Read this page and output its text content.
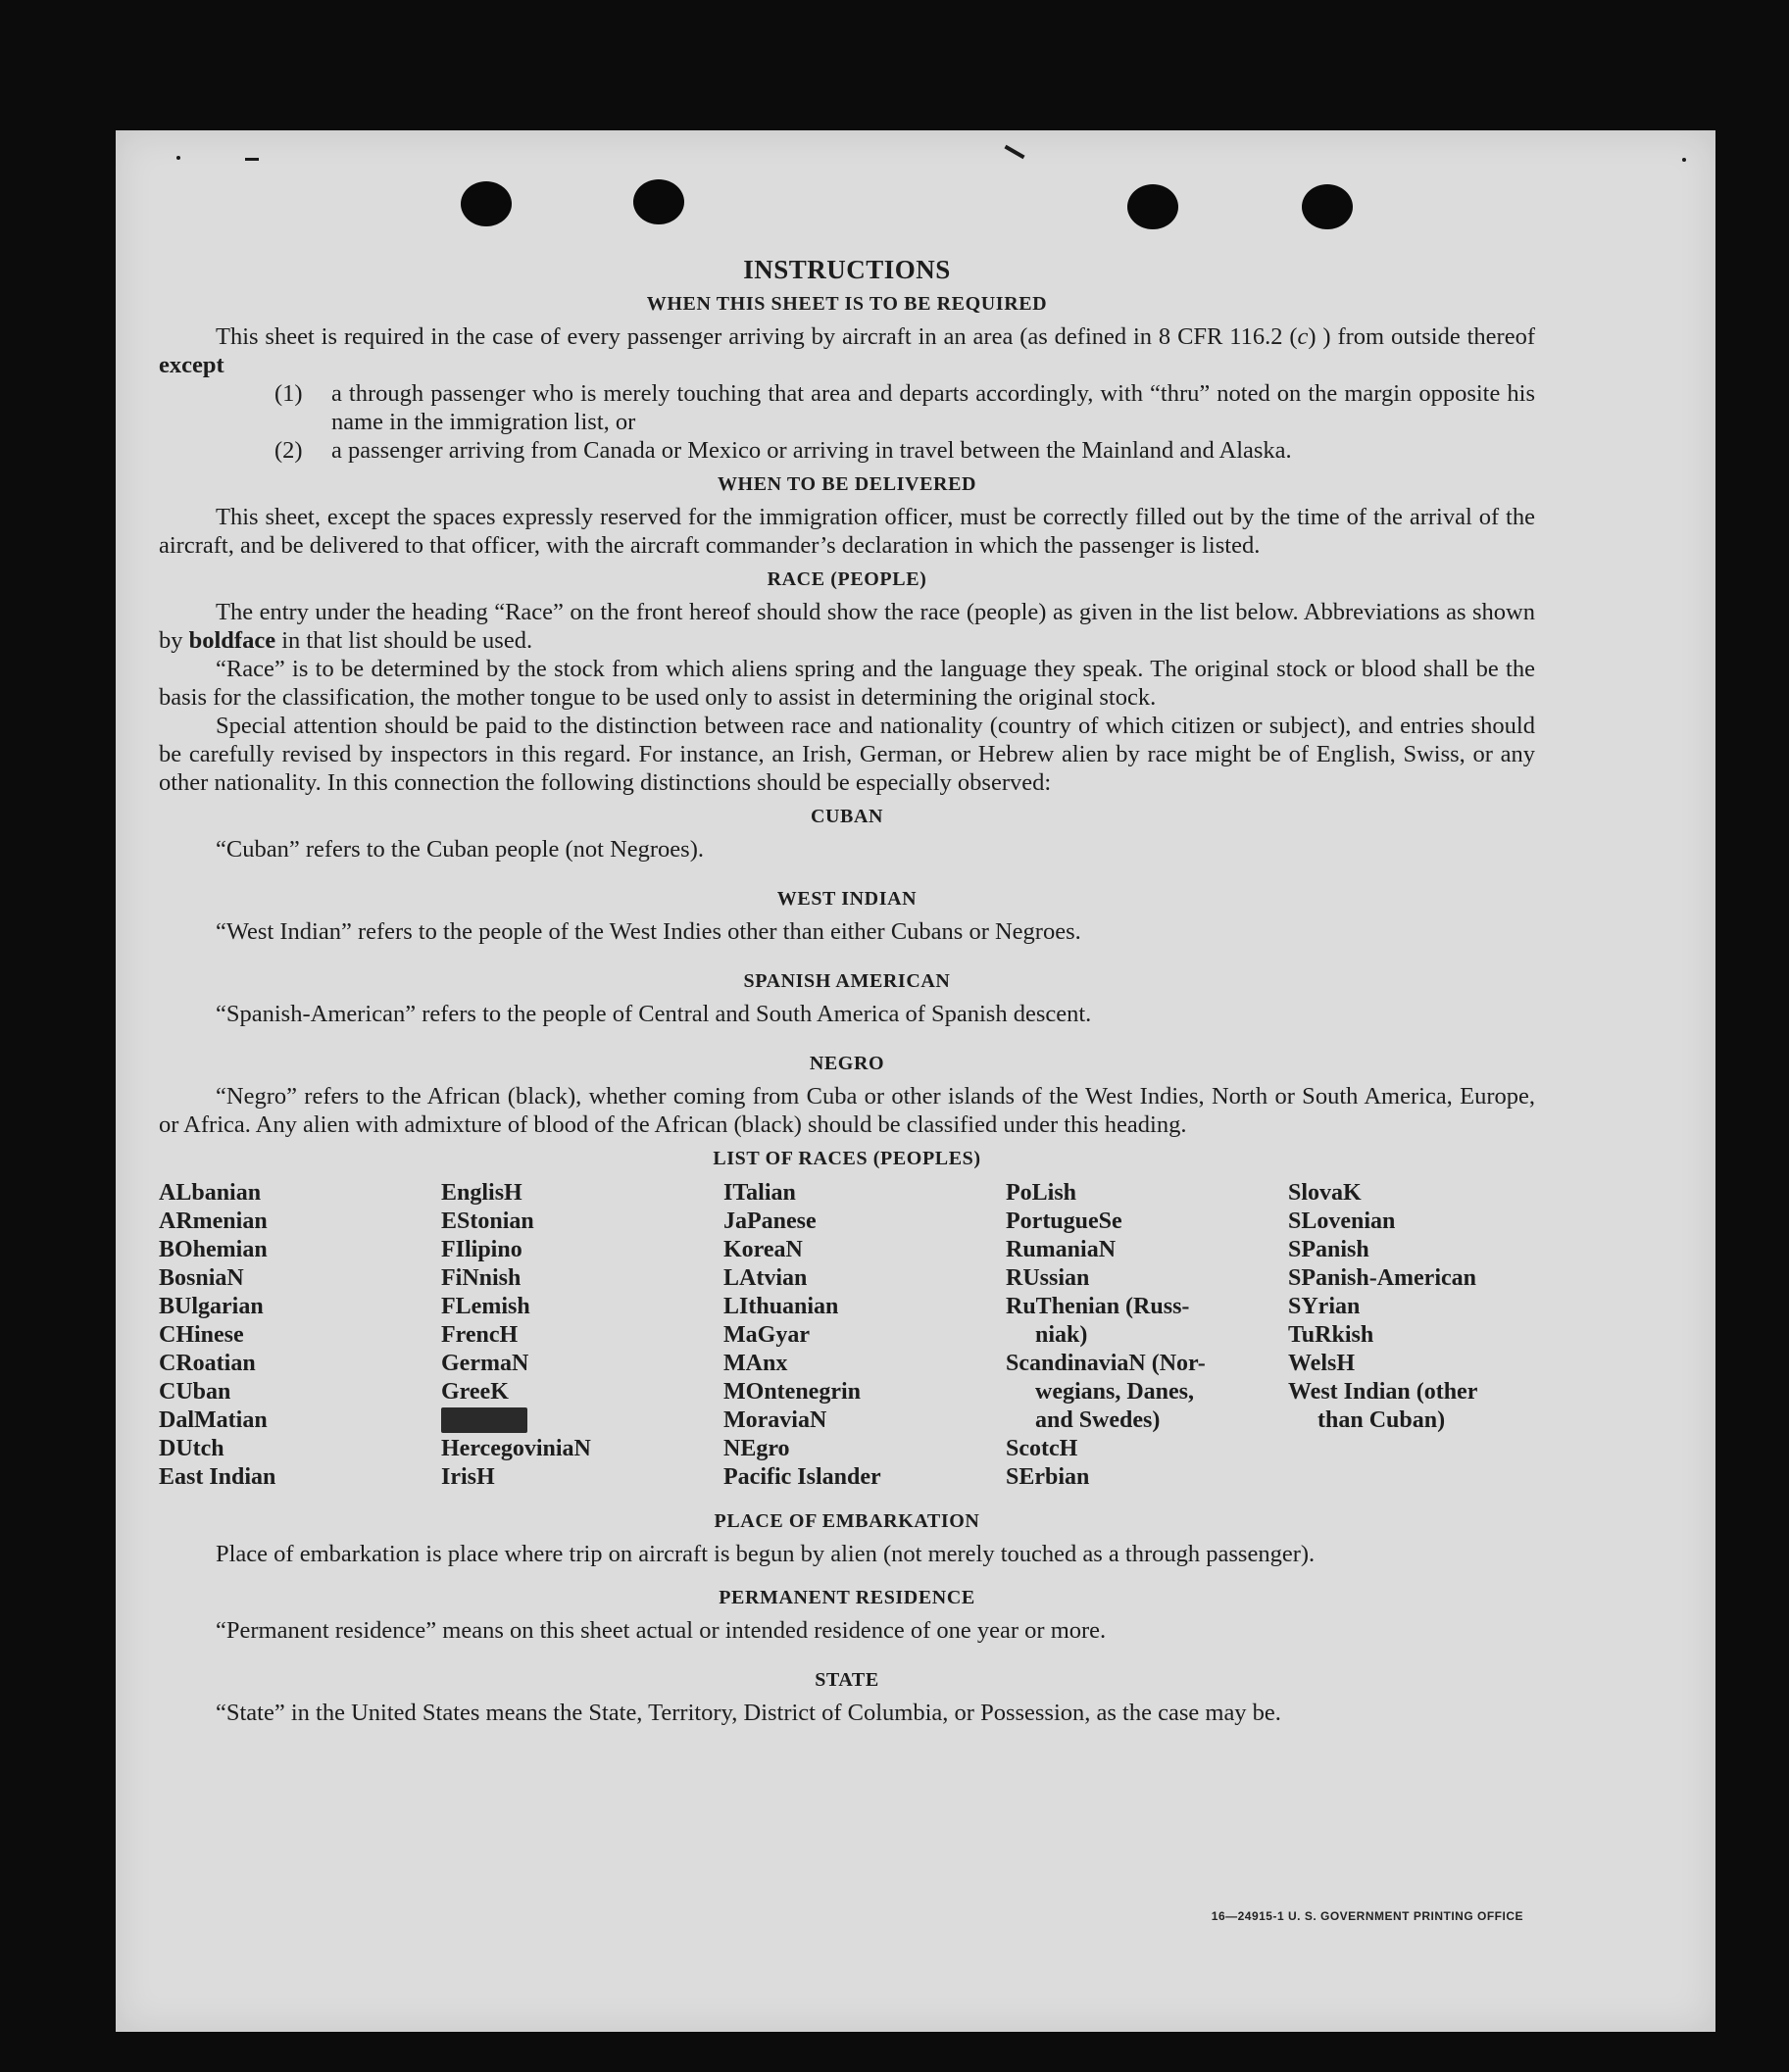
INSTRUCTIONS
WHEN THIS SHEET IS TO BE REQUIRED

This sheet is required in the case of every passenger arriving by aircraft in an area (as defined in 8 CFR 116.2 (c) ) from outside thereof except

(1)	a through passenger who is merely touching that area and departs accordingly, with “thru” noted on the margin opposite his name in the immigration list, or
(2)	a passenger arriving from Canada or Mexico or arriving in travel between the Mainland and Alaska.
WHEN TO BE DELIVERED

This sheet, except the spaces expressly reserved for the immigration officer, must be correctly filled out by the time of the arrival of the aircraft, and be delivered to that officer, with the aircraft commander’s declaration in which the passenger is listed.

RACE (PEOPLE)

The entry under the heading “Race” on the front hereof should show the race (people) as given in the list below. Abbreviations as shown by boldface in that list should be used.

“Race” is to be determined by the stock from which aliens spring and the language they speak. The original stock or blood shall be the basis for the classification, the mother tongue to be used only to assist in determining the original stock.

Special attention should be paid to the distinction between race and nationality (country of which citizen or subject), and entries should be carefully revised by inspectors in this regard. For instance, an Irish, German, or Hebrew alien by race might be of English, Swiss, or any other nationality. In this connection the following distinctions should be especially observed:

CUBAN

“Cuban” refers to the Cuban people (not Negroes).

WEST INDIAN

“West Indian” refers to the people of the West Indies other than either Cubans or Negroes.

SPANISH AMERICAN

“Spanish-American” refers to the people of Central and South America of Spanish descent.

NEGRO

“Negro” refers to the African (black), whether coming from Cuba or other islands of the West Indies, North or South America, Europe, or Africa. Any alien with admixture of blood of the African (black) should be classified under this heading.

LIST OF RACES (PEOPLES)
ALbanian
ARmenian
BOhemian
BosniaN
BUlgarian
CHinese
CRoatian
CUban
DalMatian
DUtch
East Indian
EnglisH
EStonian
FIlipino
FiNnish
FLemish
FrencH
GermaN
GreeK
HercegoviniaN
IrisH
ITalian
JaPanese
KoreaN
LAtvian
LIthuanian
MaGyar
MAnx
MOntenegrin
MoraviaN
NEgro
Pacific Islander
PoLish
PortugueSe
RumaniaN
RUssian
RuThenian (Russ-
niak)
ScandinaviaN (Nor-
wegians, Danes,
and Swedes)
ScotcH
SErbian
SlovaK
SLovenian
SPanish
SPanish-American
SYrian
TuRkish
WelsH
West Indian (other
than Cuban)
PLACE OF EMBARKATION

Place of embarkation is place where trip on aircraft is begun by alien (not merely touched as a through passenger).

PERMANENT RESIDENCE

“Permanent residence” means on this sheet actual or intended residence of one year or more.

STATE

“State” in the United States means the State, Territory, District of Columbia, or Possession, as the case may be.

16—24915-1 U. S. GOVERNMENT PRINTING OFFICE
